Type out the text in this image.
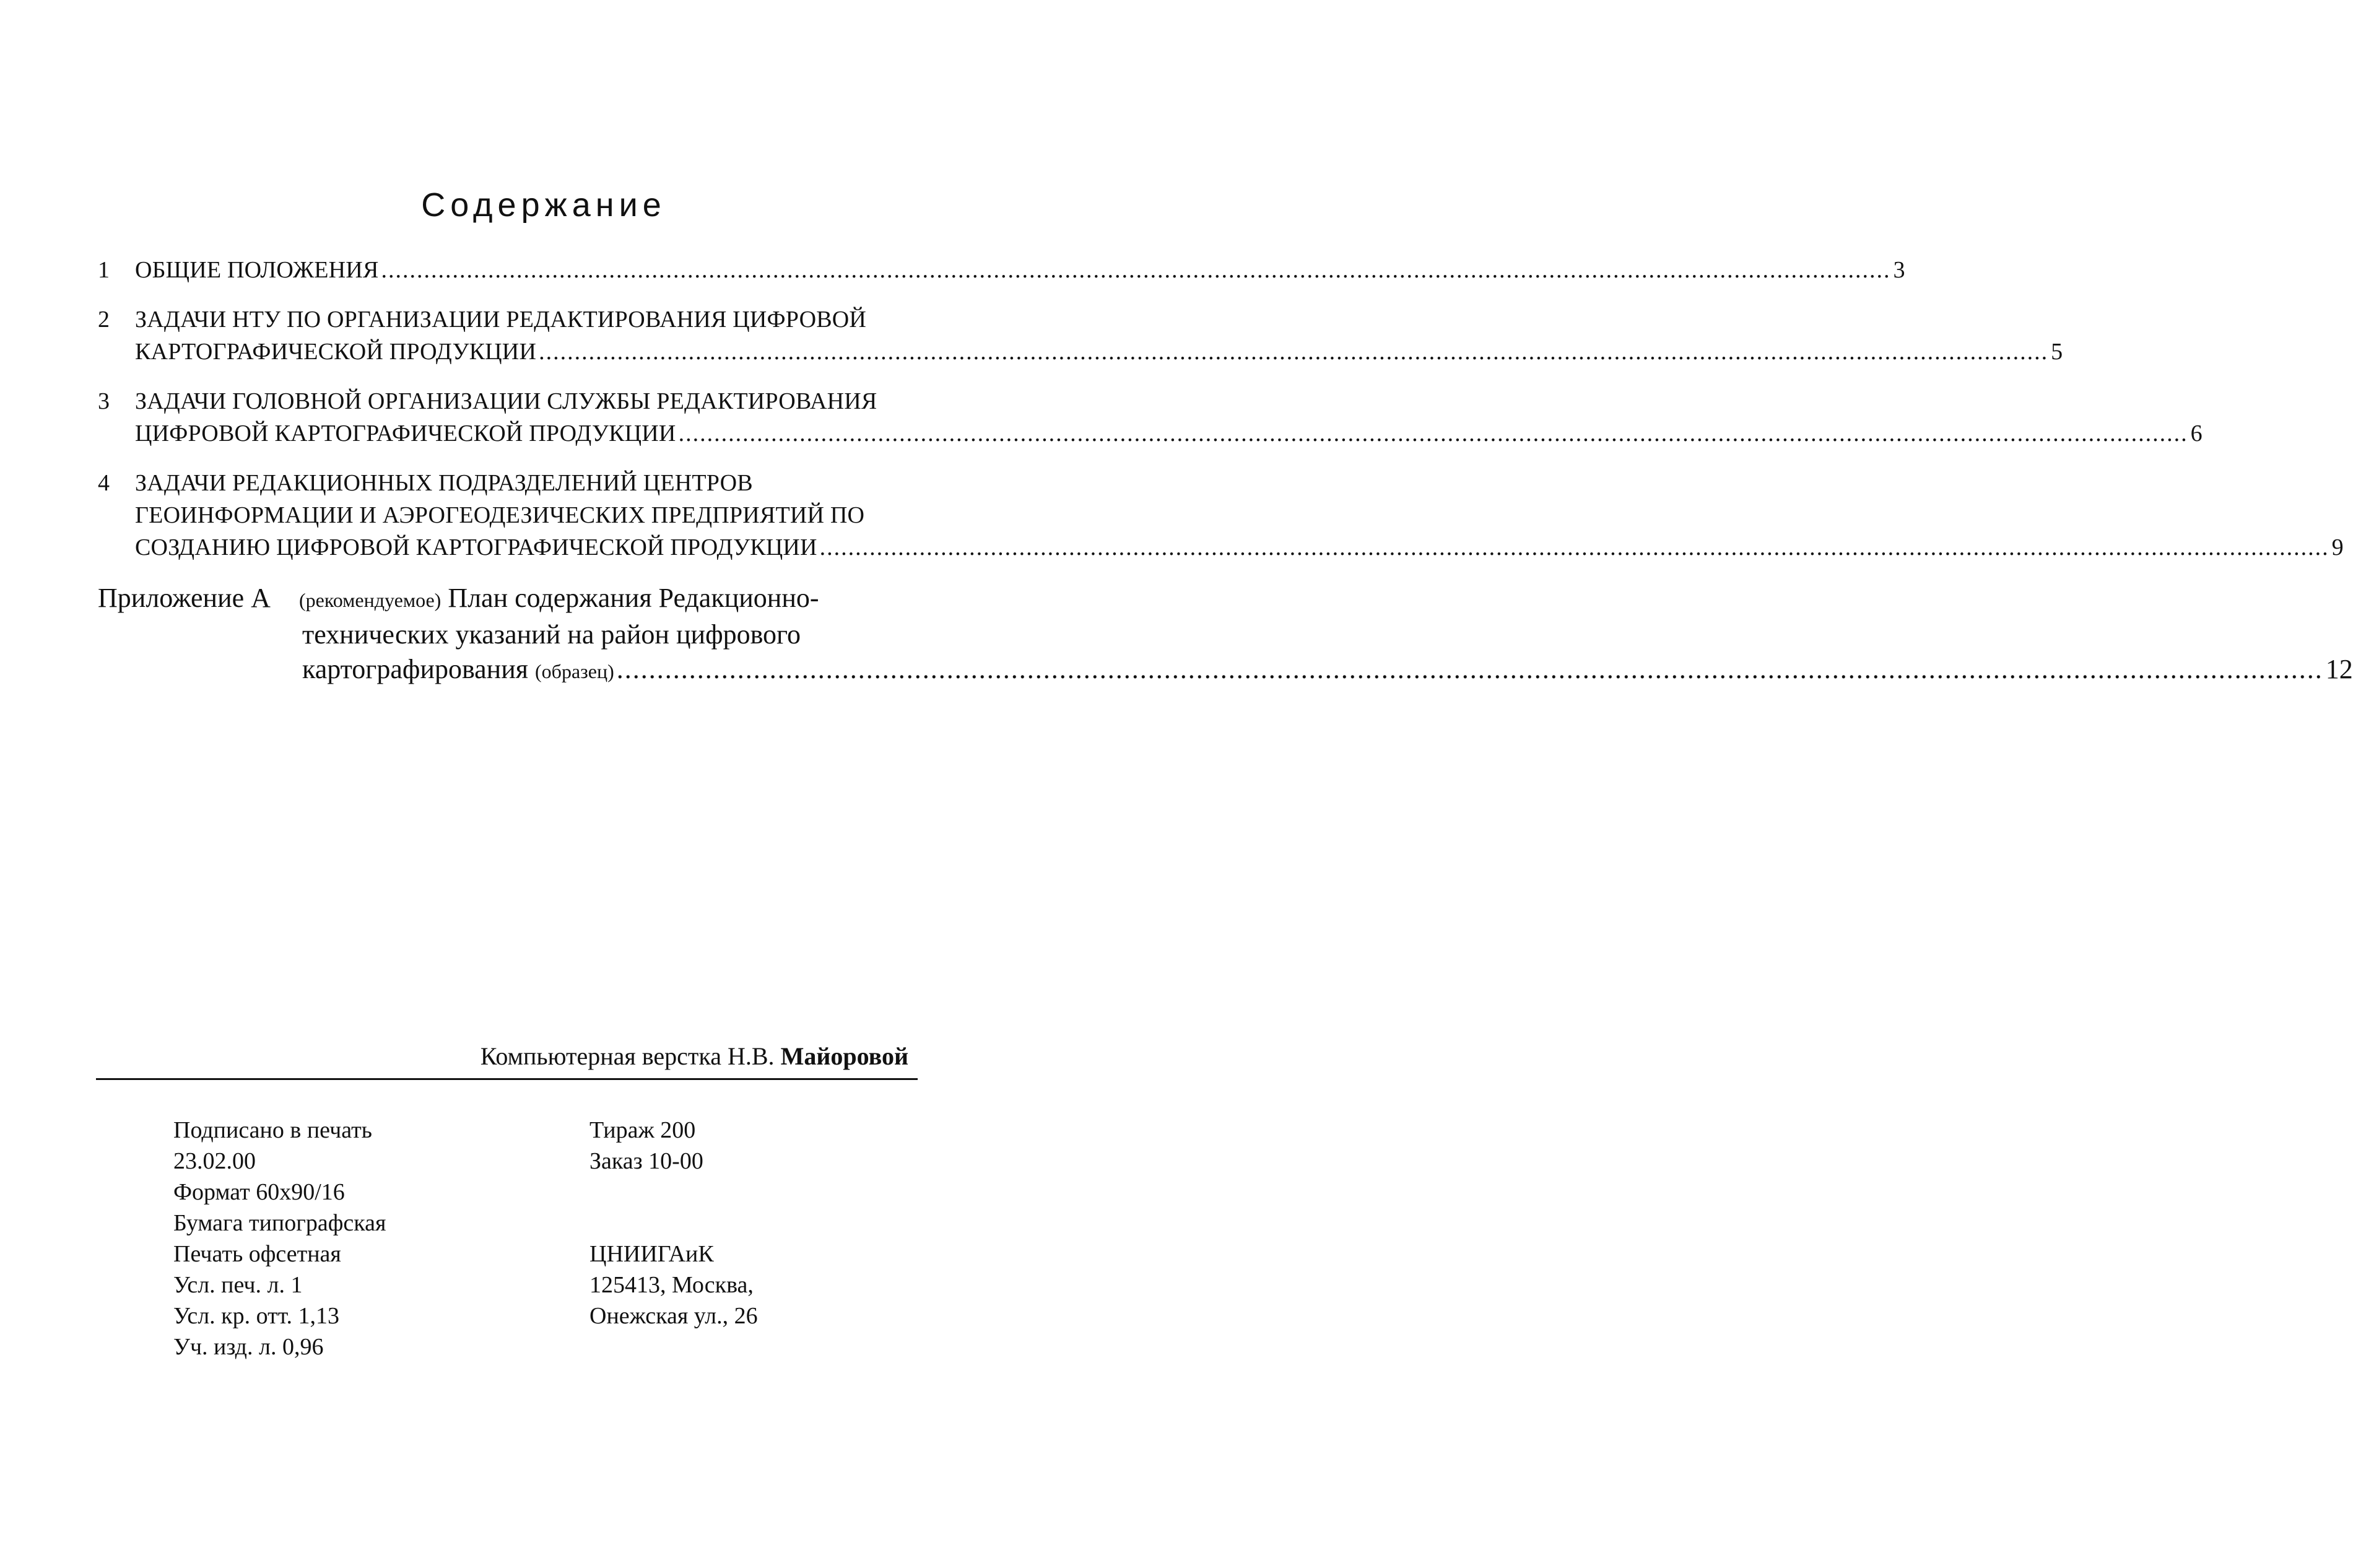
Содержание
1	ОБЩИЕ ПОЛОЖЕНИЯ .....	3
2	ЗАДАЧИ НТУ ПО ОРГАНИЗАЦИИ РЕДАКТИРОВАНИЯ ЦИФРОВОЙ
КАРТОГРАФИЧЕСКОЙ ПРОДУКЦИИ .....	5
3	ЗАДАЧИ ГОЛОВНОЙ ОРГАНИЗАЦИИ СЛУЖБЫ РЕДАКТИРОВАНИЯ
ЦИФРОВОЙ КАРТОГРАФИЧЕСКОЙ ПРОДУКЦИИ .....	6
4	ЗАДАЧИ РЕДАКЦИОННЫХ ПОДРАЗДЕЛЕНИЙ ЦЕНТРОВ
ГЕОИНФОРМАЦИИ И АЭРОГЕОДЕЗИЧЕСКИХ ПРЕДПРИЯТИЙ ПО
СОЗДАНИЮ ЦИФРОВОЙ КАРТОГРАФИЧЕСКОЙ ПРОДУКЦИИ .....	9
Приложение А	(рекомендуемое)
План содержания Редакционно-
технических указаний на район цифрового
картографирования
(образец) .....	12
Компьютерная верстка Н.В. Майоровой
Подписано в печать
23.02.00
Формат 60x90/16
Бумага типографская
Печать офсетная
Усл. печ. л. 1
Усл. кр. отт. 1,13
Уч. изд. л. 0,96
Тираж 200
Заказ 10-00
ЦНИИГАиК
125413, Москва,
Онежская ул., 26
